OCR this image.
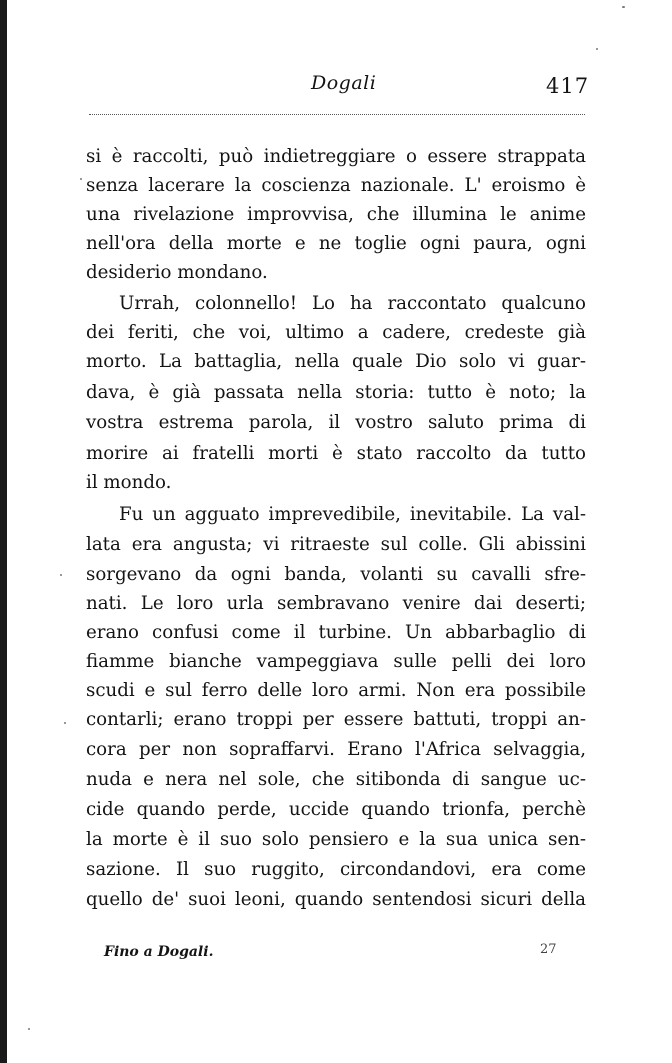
Dogali	417
si è raccolti, può indietreggiare o essere strappata
senza lacerare la coscienza nazionale. L' eroismo è
una rivelazione improvvisa, che illumina le anime
nell'ora della morte e ne toglie ogni paura, ogni
desiderio mondano.
Urrah, colonnello! Lo ha raccontato qualcuno
dei feriti, che voi, ultimo a cadere, credeste già
morto. La battaglia, nella quale Dio solo vi guar-
dava, è già passata nella storia: tutto è noto; la
vostra estrema parola, il vostro saluto prima di
morire ai fratelli morti è stato raccolto da tutto
il mondo.
Fu un agguato imprevedibile, inevitabile. La val-
lata era angusta; vi ritraeste sul colle. Gli abissini
sorgevano da ogni banda, volanti su cavalli sfre-
nati. Le loro urla sembravano venire dai deserti;
erano confusi come il turbine. Un abbarbaglio di
fiamme bianche vampeggiava sulle pelli dei loro
scudi e sul ferro delle loro armi. Non era possibile
contarli; erano troppi per essere battuti, troppi an-
cora per non sopraffarvi. Erano l'Africa selvaggia,
nuda e nera nel sole, che sitibonda di sangue uc-
cide quando perde, uccide quando trionfa, perchè
la morte è il suo solo pensiero e la sua unica sen-
sazione. Il suo ruggito, circondandovi, era come
quello de' suoi leoni, quando sentendosi sicuri della
Fino a Dogali.	27
